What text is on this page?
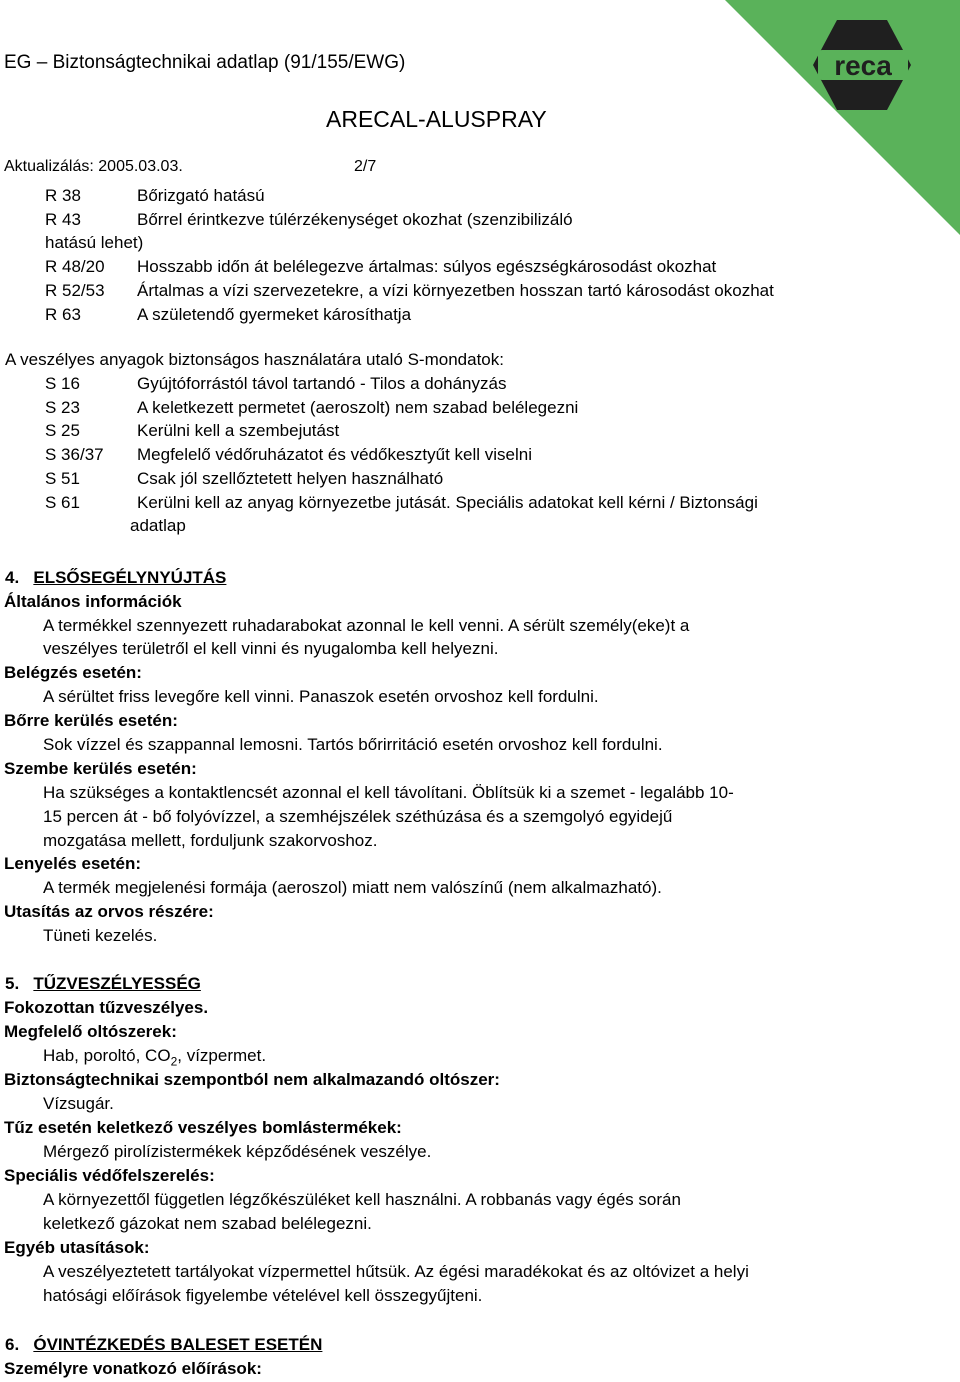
EG – Biztonságtechnikai adatlap (91/155/EWG)
ARECAL-ALUSPRAY
Aktualizálás: 2005.03.03.	2/7
reca
R 38	Bőrizgató hatású
R 43	Bőrrel érintkezve túlérzékenységet okozhat (szenzibilizáló
hatású lehet)
R 48/20 Hosszabb időn át belélegezve ártalmas: súlyos egészségkárosodást okozhat
R 52/53 Ártalmas a vízi szervezetekre, a vízi környezetben hosszan tartó károsodást okozhat
R 63	A születendő gyermeket károsíthatja
A veszélyes anyagok biztonságos használatára utaló S-mondatok:
S 16	Gyújtóforrástól távol tartandó - Tilos a dohányzás
S 23	A keletkezett permetet (aeroszolt) nem szabad belélegezni
S 25	Kerülni kell a szembejutást
S 36/37 Megfelelő védőruházatot és védőkesztyűt kell viselni
S 51	Csak jól szellőztetett helyen használható
S 61	Kerülni kell az anyag környezetbe jutását. Speciális adatokat kell kérni / Biztonsági
adatlap
4. ELSŐSEGÉLYNYÚJTÁS
Általános információk
A termékkel szennyezett ruhadarabokat azonnal le kell venni. A sérült személy(eke)t a
veszélyes területről el kell vinni és nyugalomba kell helyezni.
Belégzés esetén:
A sérültet friss levegőre kell vinni. Panaszok esetén orvoshoz kell fordulni.
Bőrre kerülés esetén:
Sok vízzel és szappannal lemosni. Tartós bőrirritáció esetén orvoshoz kell fordulni.
Szembe kerülés esetén:
Ha szükséges a kontaktlencsét azonnal el kell távolítani. Öblítsük ki a szemet - legalább 10-
15 percen át - bő folyóvízzel, a szemhéjszélek széthúzása és a szemgolyó egyidejű
mozgatása mellett, forduljunk szakorvoshoz.
Lenyelés esetén:
A termék megjelenési formája (aeroszol) miatt nem valószínű (nem alkalmazható).
Utasítás az orvos részére:
Tüneti kezelés.
5. TŰZVESZÉLYESSÉG
Fokozottan tűzveszélyes.
Megfelelő oltószerek:
Hab, poroltó, $CO_2$, vízpermet.
Biztonságtechnikai szempontból nem alkalmazandó oltószer:
Vízsugár.
Tűz esetén keletkező veszélyes bomlástermékek:
Mérgező pirolízistermékek képződésének veszélye.
Speciális védőfelszerelés:
A környezettől független légzőkészüléket kell használni. A robbanás vagy égés során
keletkező gázokat nem szabad belélegezni.
Egyéb utasítások:
A veszélyeztetett tartályokat vízpermettel hűtsük. Az égési maradékokat és az oltóvizet a helyi
hatósági előírások figyelembe vételével kell összegyűjteni.
6. ÓVINTÉZKEDÉS BALESET ESETÉN
Személyre vonatkozó előírások:
